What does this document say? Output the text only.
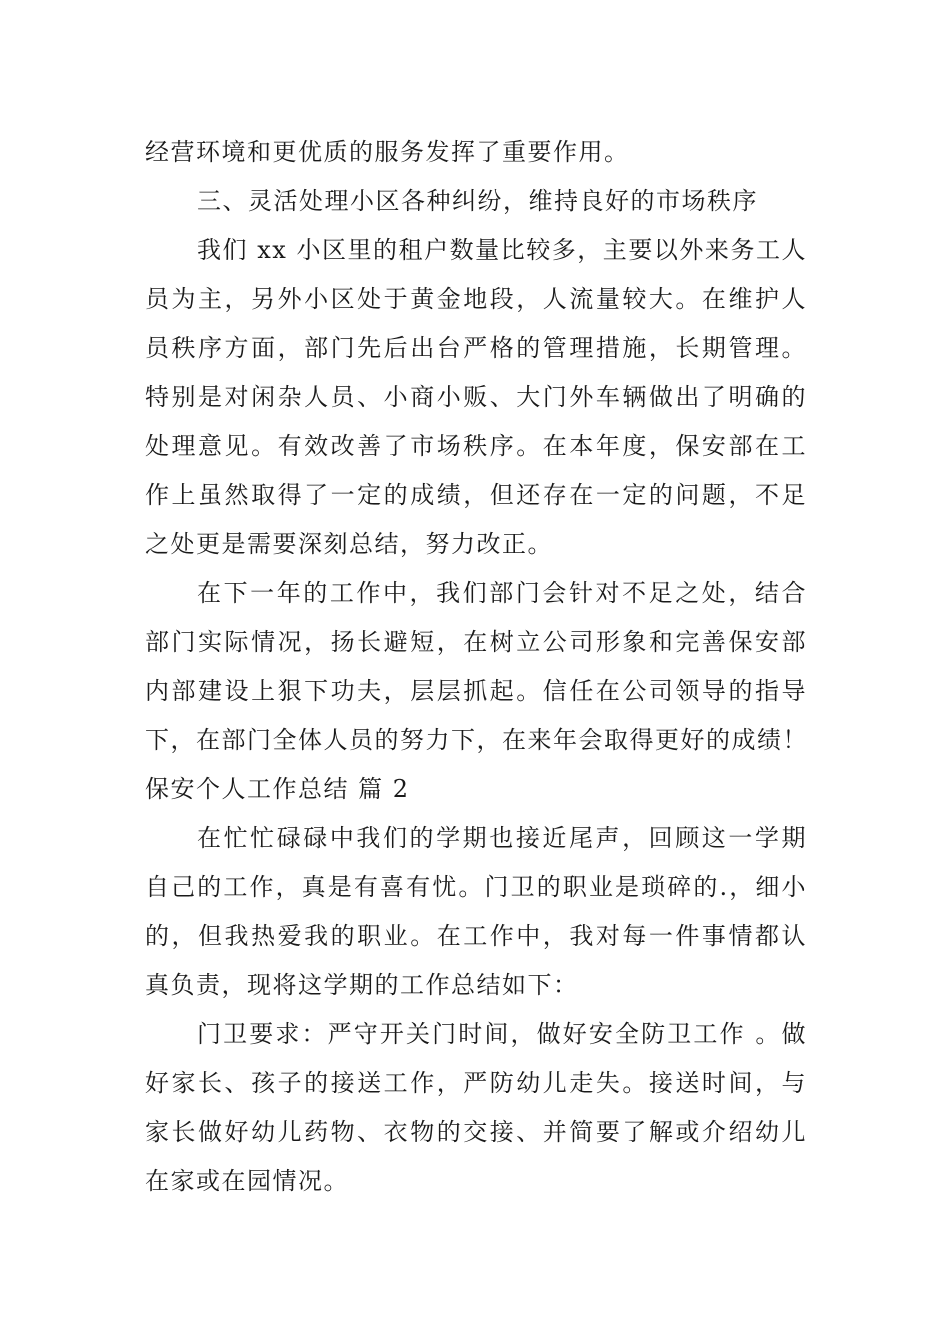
经营环境和更优质的服务发挥了重要作用。
三、灵活处理小区各种纠纷，维持良好的市场秩序
我们 xx 小区里的租户数量比较多，主要以外来务工人
员为主，另外小区处于黄金地段，人流量较大。在维护人
员秩序方面，部门先后出台严格的管理措施，长期管理。
特别是对闲杂人员、小商小贩、大门外车辆做出了明确的
处理意见。有效改善了市场秩序。在本年度，保安部在工
作上虽然取得了一定的成绩，但还存在一定的问题，不足
之处更是需要深刻总结，努力改正。
在下一年的工作中，我们部门会针对不足之处，结合
部门实际情况，扬长避短，在树立公司形象和完善保安部
内部建设上狠下功夫，层层抓起。信任在公司领导的指导
下，在部门全体人员的努力下，在来年会取得更好的成绩！
保安个人工作总结 篇 2
在忙忙碌碌中我们的学期也接近尾声，回顾这一学期
自己的工作，真是有喜有忧。门卫的职业是琐碎的.，细小
的，但我热爱我的职业。在工作中，我对每一件事情都认
真负责，现将这学期的工作总结如下：
门卫要求：严守开关门时间，做好安全防卫工作 。做
好家长、孩子的接送工作，严防幼儿走失。接送时间，与
家长做好幼儿药物、衣物的交接、并简要了解或介绍幼儿
在家或在园情况。
